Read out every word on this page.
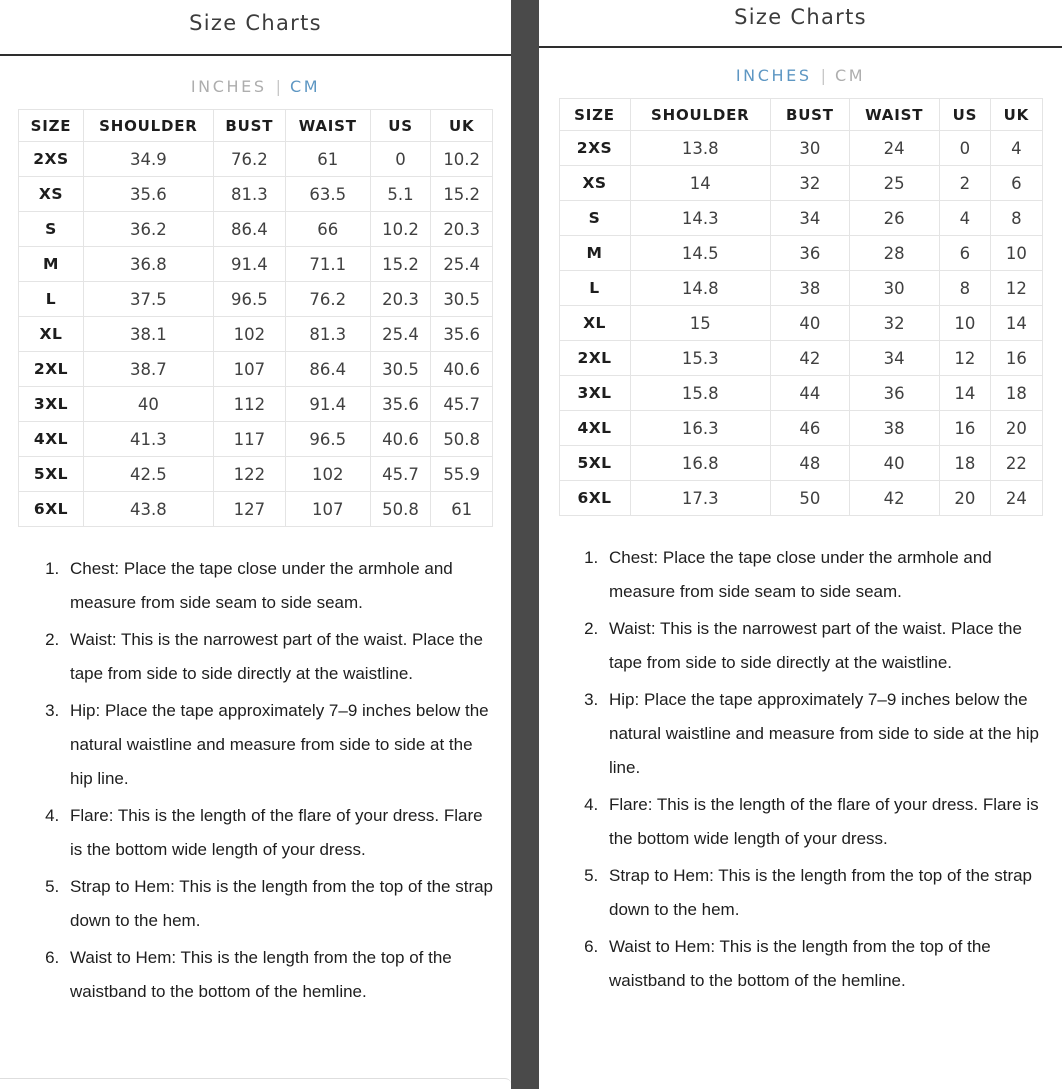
Size Charts
INCHES | CM
SIZE	SHOULDER	BUST	WAIST	US	UK
2XS	34.9	76.2	61	0	10.2
XS	35.6	81.3	63.5	5.1	15.2
S	36.2	86.4	66	10.2	20.3
M	36.8	91.4	71.1	15.2	25.4
L	37.5	96.5	76.2	20.3	30.5
XL	38.1	102	81.3	25.4	35.6
2XL	38.7	107	86.4	30.5	40.6
3XL	40	112	91.4	35.6	45.7
4XL	41.3	117	96.5	40.6	50.8
5XL	42.5	122	102	45.7	55.9
6XL	43.8	127	107	50.8	61
1. Chest: Place the tape close under the armhole and measure from side seam to side seam.
2. Waist: This is the narrowest part of the waist. Place the tape from side to side directly at the waistline.
3. Hip: Place the tape approximately 7–9 inches below the natural waistline and measure from side to side at the hip line.
4. Flare: This is the length of the flare of your dress. Flare is the bottom wide length of your dress.
5. Strap to Hem: This is the length from the top of the strap down to the hem.
6. Waist to Hem: This is the length from the top of the waistband to the bottom of the hemline.
Size Charts
INCHES | CM
SIZE	SHOULDER	BUST	WAIST	US	UK
2XS	13.8	30	24	0	4
XS	14	32	25	2	6
S	14.3	34	26	4	8
M	14.5	36	28	6	10
L	14.8	38	30	8	12
XL	15	40	32	10	14
2XL	15.3	42	34	12	16
3XL	15.8	44	36	14	18
4XL	16.3	46	38	16	20
5XL	16.8	48	40	18	22
6XL	17.3	50	42	20	24
1. Chest: Place the tape close under the armhole and measure from side seam to side seam.
2. Waist: This is the narrowest part of the waist. Place the tape from side to side directly at the waistline.
3. Hip: Place the tape approximately 7–9 inches below the natural waistline and measure from side to side at the hip line.
4. Flare: This is the length of the flare of your dress. Flare is the bottom wide length of your dress.
5. Strap to Hem: This is the length from the top of the strap down to the hem.
6. Waist to Hem: This is the length from the top of the waistband to the bottom of the hemline.
